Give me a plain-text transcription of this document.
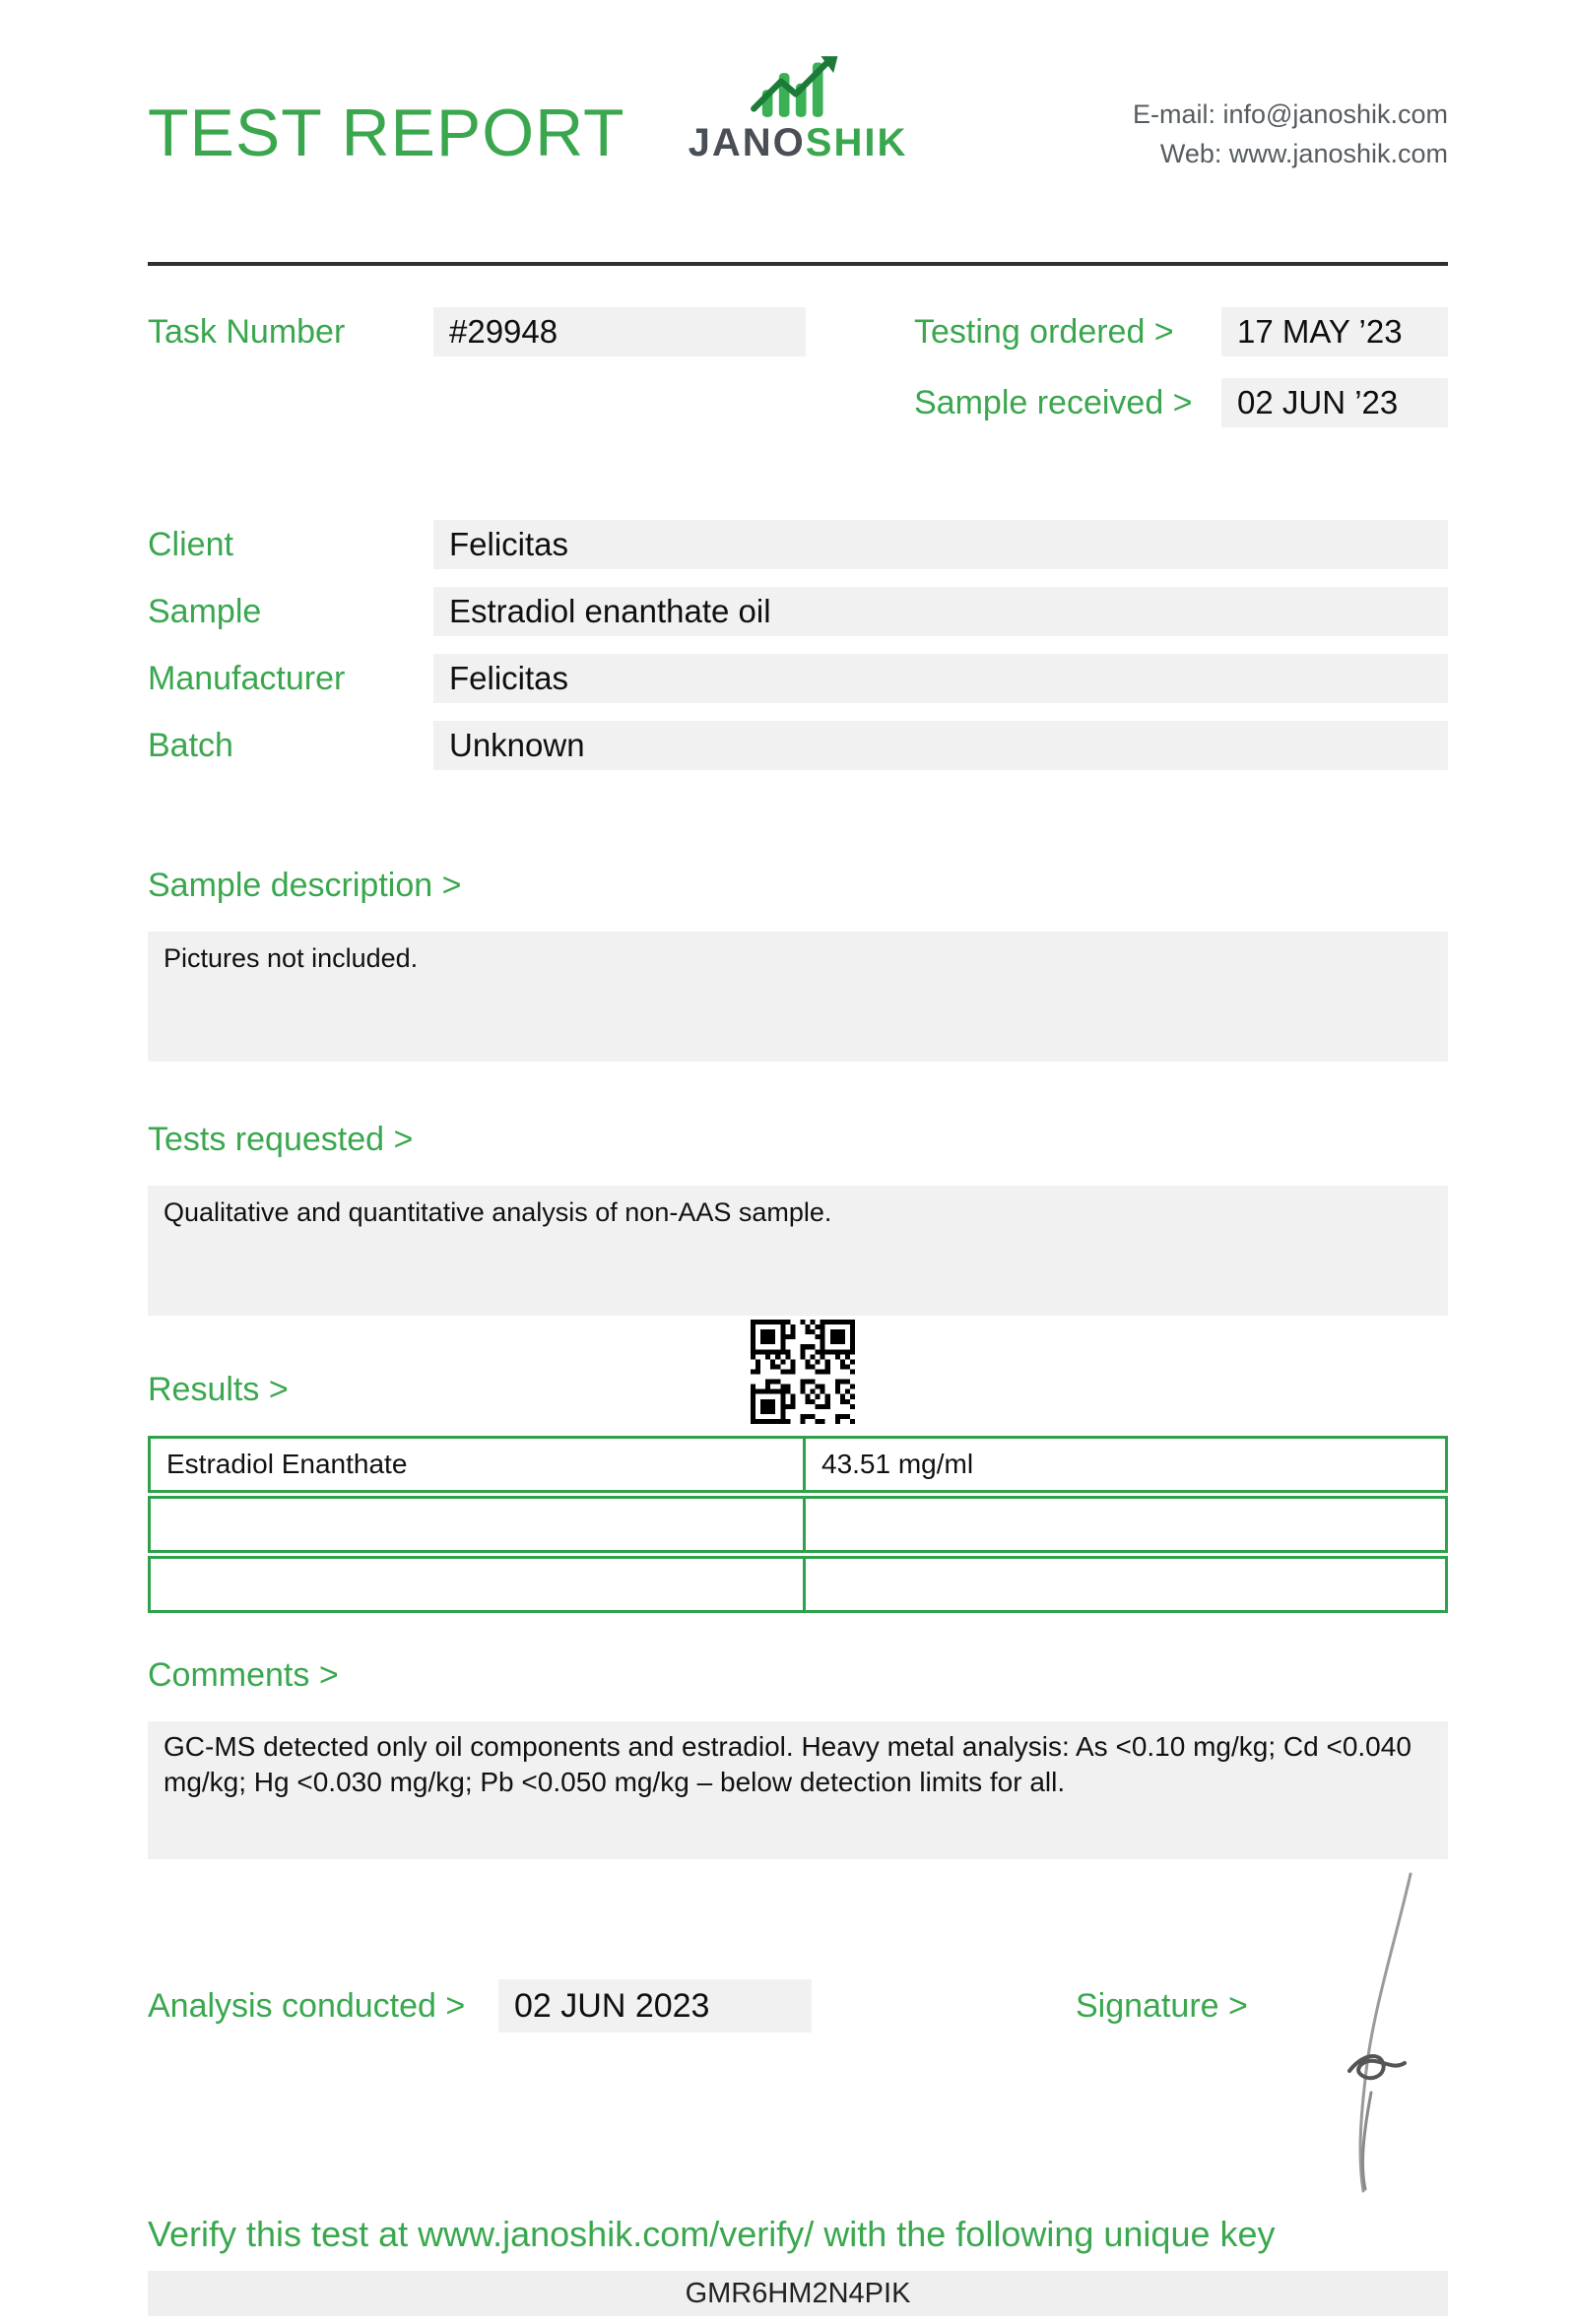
TEST REPORT JANOSHIK
E-mail: info@janoshik.com
Web: www.janoshik.com
Task Number	#29948	Testing ordered >	17 MAY ’23
Sample received >	02 JUN ’23
Client	Felicitas
Sample	Estradiol enanthate oil
Manufacturer	Felicitas
Batch	Unknown
Sample description >
Pictures not included.
Tests requested >
Qualitative and quantitative analysis of non-AAS sample.
Results >
Estradiol Enanthate	43.51 mg/ml
Comments >
GC-MS detected only oil components and estradiol. Heavy metal analysis: As <0.10 mg/kg; Cd <0.040 mg/kg; Hg <0.030 mg/kg; Pb <0.050 mg/kg – below detection limits for all.
Analysis conducted >	02 JUN 2023	Signature >
Verify this test at www.janoshik.com/verify/ with the following unique key
GMR6HM2N4PIK
